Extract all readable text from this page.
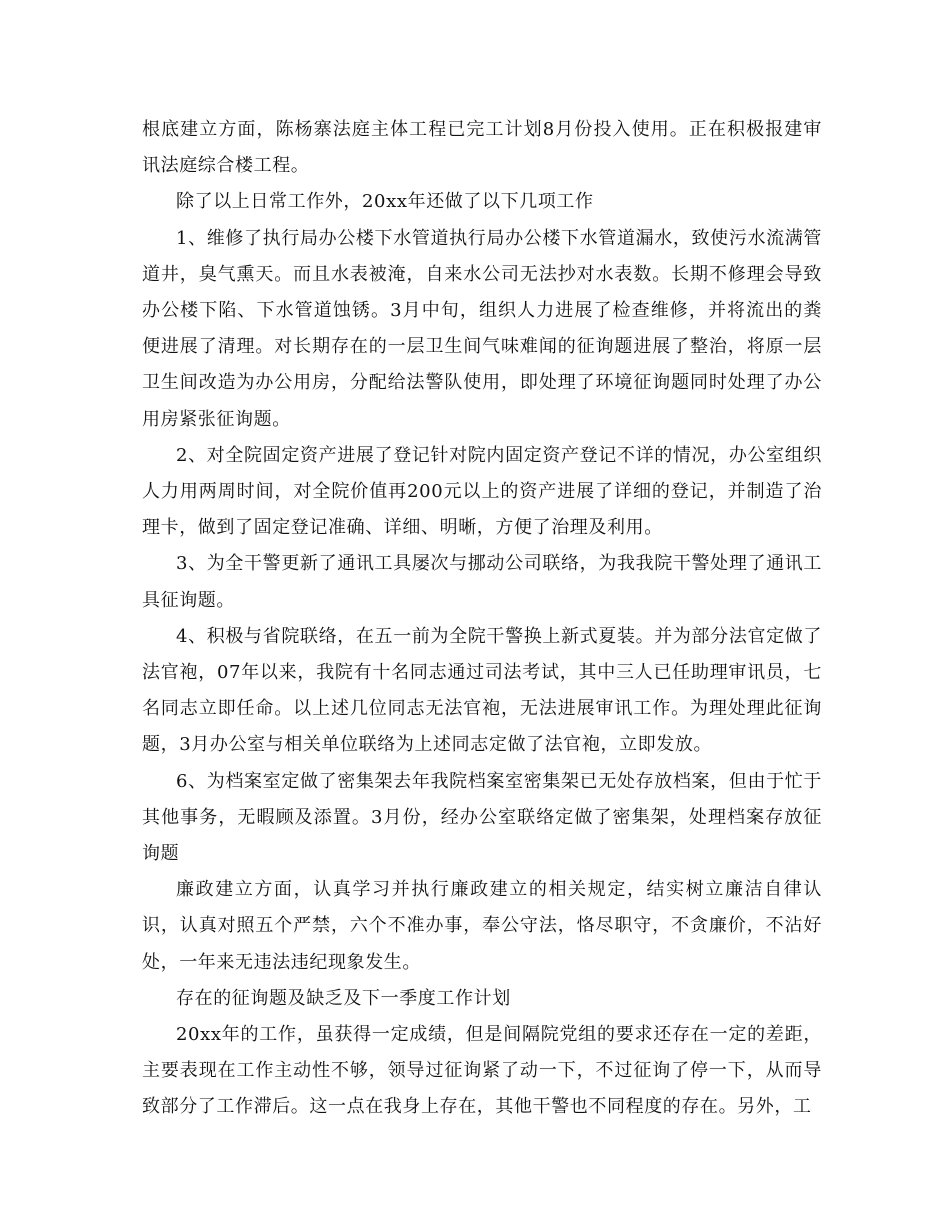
根底建立方面，陈杨寨法庭主体工程已完工计划8月份投入使用。正在积极报建审讯法庭综合楼工程。

除了以上日常工作外，20xx年还做了以下几项工作

1、维修了执行局办公楼下水管道执行局办公楼下水管道漏水，致使污水流满管道井，臭气熏天。而且水表被淹，自来水公司无法抄对水表数。长期不修理会导致办公楼下陷、下水管道蚀锈。3月中旬，组织人力进展了检查维修，并将流出的粪便进展了清理。对长期存在的一层卫生间气味难闻的征询题进展了整治，将原一层卫生间改造为办公用房，分配给法警队使用，即处理了环境征询题同时处理了办公用房紧张征询题。

2、对全院固定资产进展了登记针对院内固定资产登记不详的情况，办公室组织人力用两周时间，对全院价值再200元以上的资产进展了详细的登记，并制造了治理卡，做到了固定登记准确、详细、明晰，方便了治理及利用。

3、为全干警更新了通讯工具屡次与挪动公司联络，为我我院干警处理了通讯工具征询题。

4、积极与省院联络，在五一前为全院干警换上新式夏装。并为部分法官定做了法官袍，07年以来，我院有十名同志通过司法考试，其中三人已任助理审讯员，七名同志立即任命。以上述几位同志无法官袍，无法进展审讯工作。为理处理此征询题，3月办公室与相关单位联络为上述同志定做了法官袍，立即发放。

6、为档案室定做了密集架去年我院档案室密集架已无处存放档案，但由于忙于其他事务，无暇顾及添置。3月份，经办公室联络定做了密集架，处理档案存放征询题

廉政建立方面，认真学习并执行廉政建立的相关规定，结实树立廉洁自律认识，认真对照五个严禁，六个不准办事，奉公守法，恪尽职守，不贪廉价，不沾好处，一年来无违法违纪现象发生。

存在的征询题及缺乏及下一季度工作计划

20xx年的工作，虽获得一定成绩，但是间隔院党组的要求还存在一定的差距，主要表现在工作主动性不够，领导过征询紧了动一下，不过征询了停一下，从而导致部分了工作滞后。这一点在我身上存在，其他干警也不同程度的存在。另外，工
